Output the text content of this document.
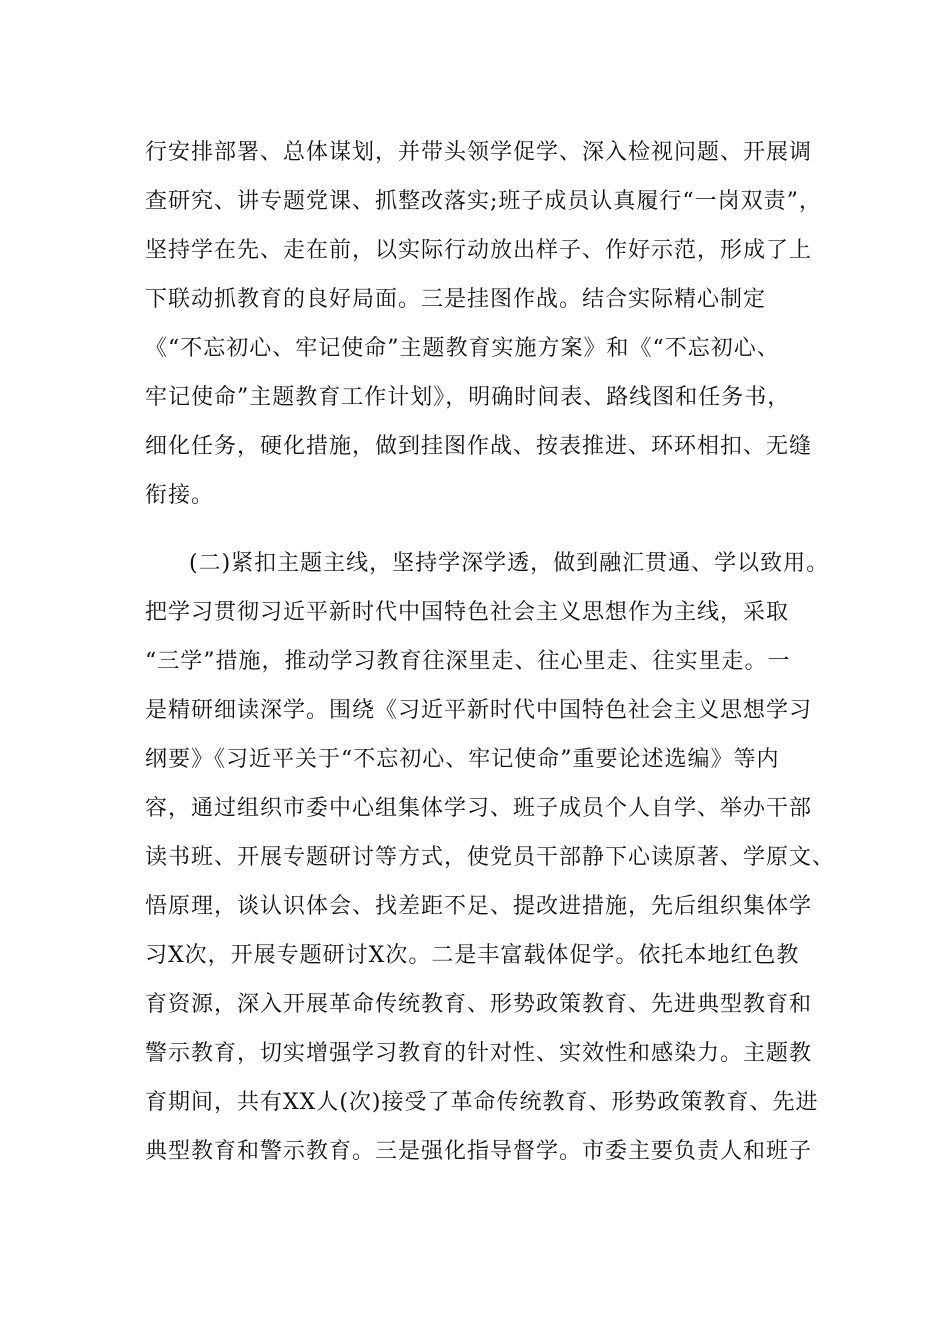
行安排部署、总体谋划，并带头领学促学、深入检视问题、开展调
查研究、讲专题党课、抓整改落实;班子成员认真履行“一岗双责”，
坚持学在先、走在前，以实际行动放出样子、作好示范，形成了上
下联动抓教育的良好局面。三是挂图作战。结合实际精心制定
《“不忘初心、牢记使命”主题教育实施方案》和《“不忘初心、
牢记使命”主题教育工作计划》，明确时间表、路线图和任务书，
细化任务，硬化措施，做到挂图作战、按表推进、环环相扣、无缝
衔接。
(二)紧扣主题主线，坚持学深学透，做到融汇贯通、学以致用。
把学习贯彻习近平新时代中国特色社会主义思想作为主线，采取
“三学”措施，推动学习教育往深里走、往心里走、往实里走。一
是精研细读深学。围绕《习近平新时代中国特色社会主义思想学习
纲要》《习近平关于“不忘初心、牢记使命”重要论述选编》等内
容，通过组织市委中心组集体学习、班子成员个人自学、举办干部
读书班、开展专题研讨等方式，使党员干部静下心读原著、学原文、
悟原理，谈认识体会、找差距不足、提改进措施，先后组织集体学
习X次，开展专题研讨X次。二是丰富载体促学。依托本地红色教
育资源，深入开展革命传统教育、形势政策教育、先进典型教育和
警示教育，切实增强学习教育的针对性、实效性和感染力。主题教
育期间，共有XX人(次)接受了革命传统教育、形势政策教育、先进
典型教育和警示教育。三是强化指导督学。市委主要负责人和班子
